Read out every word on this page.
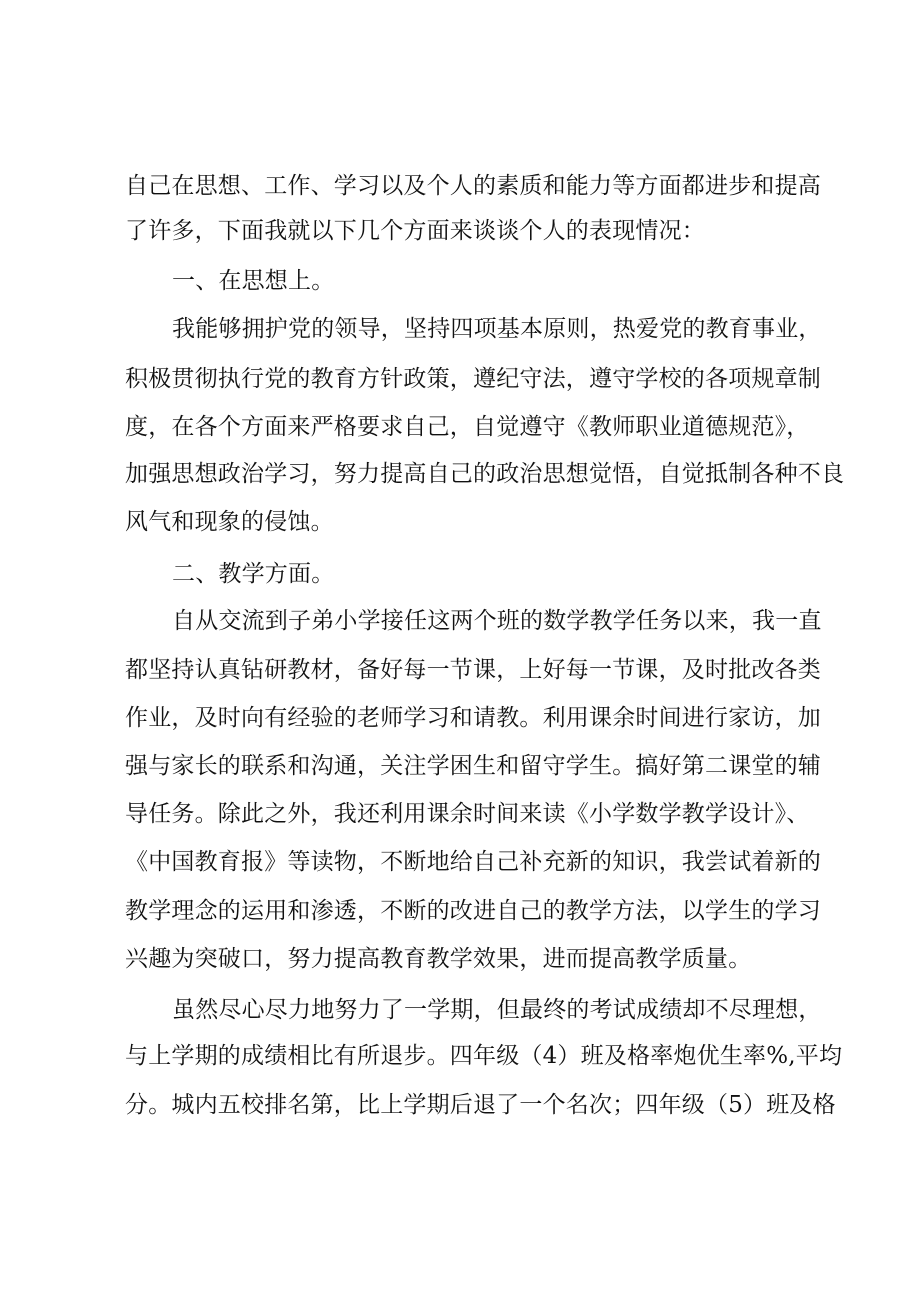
自己在思想、工作、学习以及个人的素质和能力等方面都进步和提高
了许多，下面我就以下几个方面来谈谈个人的表现情况：
一、在思想上。
我能够拥护党的领导，坚持四项基本原则，热爱党的教育事业，
积极贯彻执行党的教育方针政策，遵纪守法，遵守学校的各项规章制
度，在各个方面来严格要求自己，自觉遵守《教师职业道德规范》，
加强思想政治学习，努力提高自己的政治思想觉悟，自觉抵制各种不良
风气和现象的侵蚀。
二、教学方面。
自从交流到子弟小学接任这两个班的数学教学任务以来，我一直
都坚持认真钻研教材，备好每一节课，上好每一节课，及时批改各类
作业，及时向有经验的老师学习和请教。利用课余时间进行家访，加
强与家长的联系和沟通，关注学困生和留守学生。搞好第二课堂的辅
导任务。除此之外，我还利用课余时间来读《小学数学教学设计》、
《中国教育报》等读物，不断地给自己补充新的知识，我尝试着新的
教学理念的运用和渗透，不断的改进自己的教学方法，以学生的学习
兴趣为突破口，努力提高教育教学效果，进而提高教学质量。
虽然尽心尽力地努力了一学期，但最终的考试成绩却不尽理想，
与上学期的成绩相比有所退步。四年级（4）班及格率炮优生率%,平均
分。城内五校排名第，比上学期后退了一个名次；四年级（5）班及格
